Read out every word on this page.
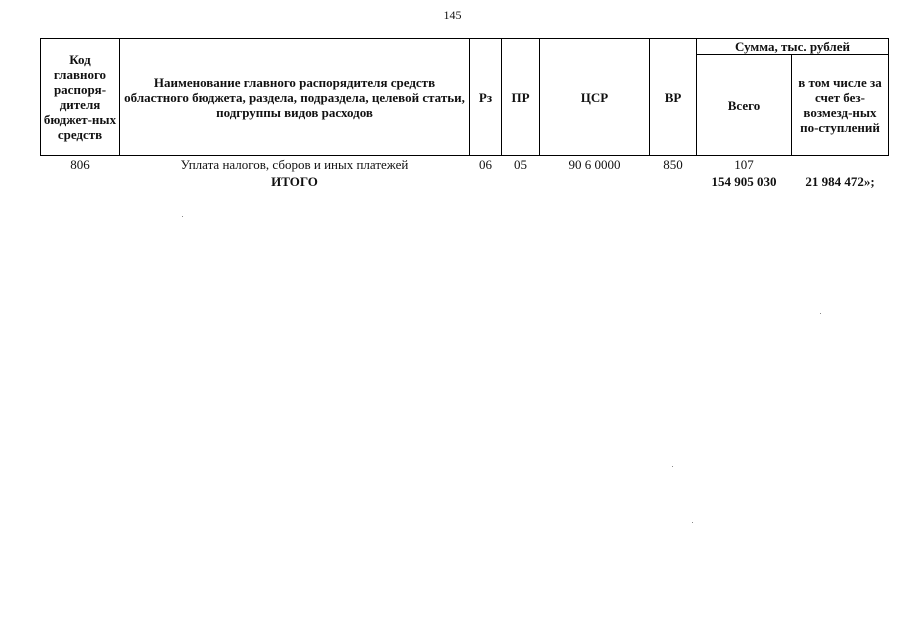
145
Код главного распоря-дителя бюджет-ных средств	Наименование главного распорядителя средств областного бюджета, раздела, подраздела, целевой статьи, подгруппы видов расходов	Рз	ПР	ЦСР	ВР	Сумма, тыс. рублей	
						Всего	в том числе за счет без-возмезд-ных по-ступлений
806	Уплата налогов, сборов и иных платежей	06	05	90 6 0000	850	107	
	ИТОГО					154 905 030	21 984 472»;
